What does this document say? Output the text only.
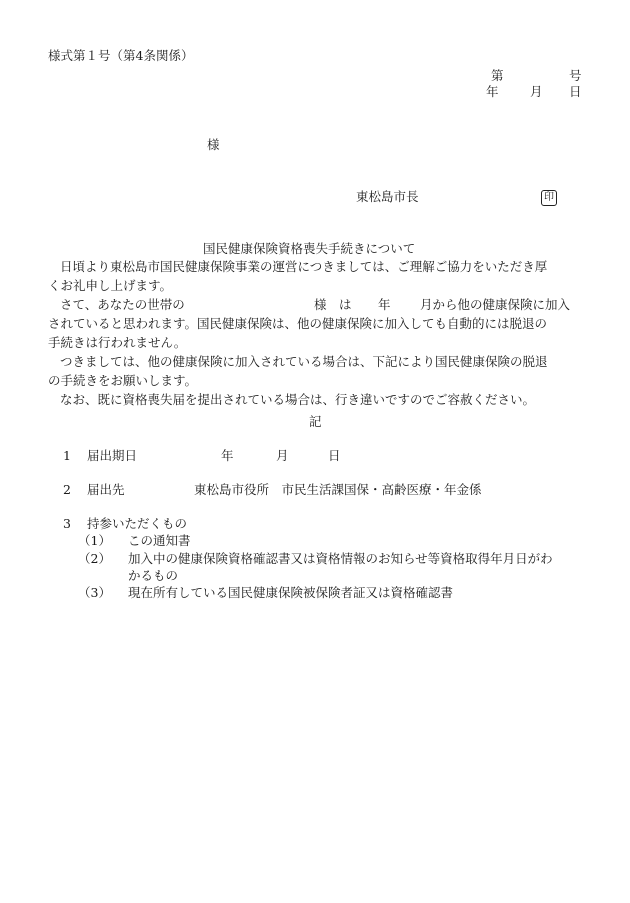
様式第１号（第4条関係）
第	号
年	月 日
様
東松島市長	印
国民健康保険資格喪失手続きについて
日頃より東松島市国民健康保険事業の運営につきましては、ご理解ご協力をいただき厚
くお礼申し上げます。
さて、あなたの世帯の	様　は 年 月から他の健康保険に加入
されていると思われます。国民健康保険は、他の健康保険に加入しても自動的には脱退の
手続きは行われません。
つきましては、他の健康保険に加入されている場合は、下記により国民健康保険の脱退
の手続きをお願いします。
なお、既に資格喪失届を提出されている場合は、行き違いですのでご容赦ください。
記
1 届出期日	年	月	日
2 届出先	東松島市役所　市民生活課国保・高齢医療・年金係
3 持参いただくもの
（1） この通知書
（2） 加入中の健康保険資格確認書又は資格情報のお知らせ等資格取得年月日がわ
かるもの
（3） 現在所有している国民健康保険被保険者証又は資格確認書
